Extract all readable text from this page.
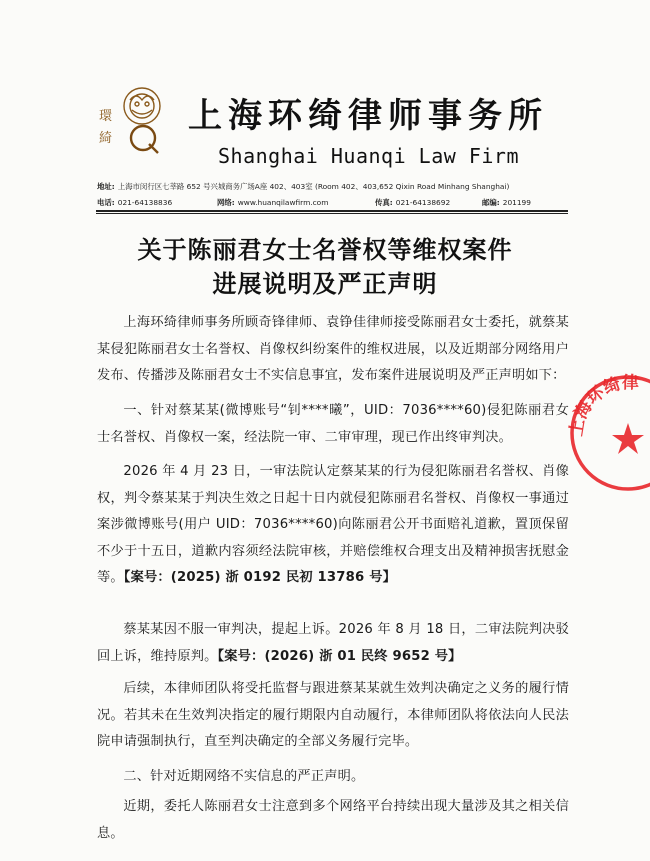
環
綺
上海环绮律师事务所
Shanghai Huanqi Law Firm
地址: 上海市闵行区七莘路 652 号兴城商务广场A座 402、403室 (Room 402、403,652 Qixin Road Minhang Shanghai)
电话: 021-64138836	网络: www.huanqilawfirm.com	传真: 021-64138692	邮编: 201199
关于陈丽君女士名誉权等维权案件
进展说明及严正声明
上海环绮律师事务所顾奇锋律师、袁铮佳律师接受陈丽君女士委托，就蔡某某侵犯陈丽君女士名誉权、肖像权纠纷案件的维权进展，以及近期部分网络用户发布、传播涉及陈丽君女士不实信息事宜，发布案件进展说明及严正声明如下：
一、针对蔡某某(微博账号“钊****曦”，UID：7036****60)侵犯陈丽君女士名誉权、肖像权一案，经法院一审、二审审理，现已作出终审判决。
2026 年 4 月 23 日，一审法院认定蔡某某的行为侵犯陈丽君名誉权、肖像权，判令蔡某某于判决生效之日起十日内就侵犯陈丽君名誉权、肖像权一事通过案涉微博账号(用户 UID：7036****60)向陈丽君公开书面赔礼道歉，置顶保留不少于十五日，道歉内容须经法院审核，并赔偿维权合理支出及精神损害抚慰金等。【案号：(2025) 浙 0192 民初 13786 号】
蔡某某因不服一审判决，提起上诉。2026 年 8 月 18 日，二审法院判决驳回上诉，维持原判。【案号：(2026) 浙 01 民终 9652 号】
后续，本律师团队将受托监督与跟进蔡某某就生效判决确定之义务的履行情况。若其未在生效判决指定的履行期限内自动履行，本律师团队将依法向人民法院申请强制执行，直至判决确定的全部义务履行完毕。
二、针对近期网络不实信息的严正声明。
近期，委托人陈丽君女士注意到多个网络平台持续出现大量涉及其之相关信息。
上海环绮律
